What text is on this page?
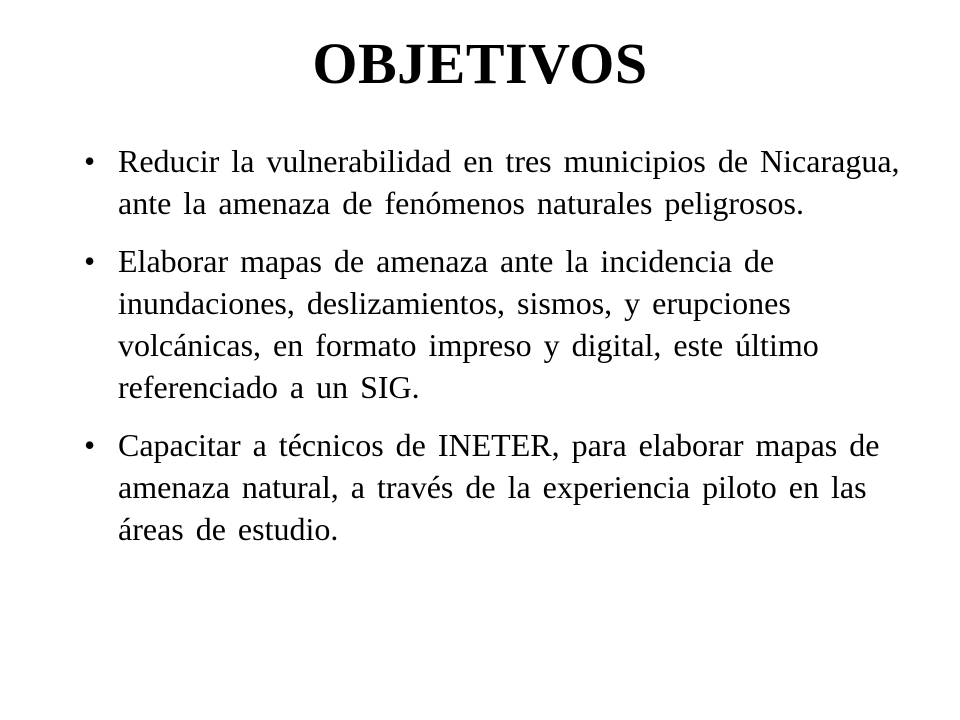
OBJETIVOS
• Reducir la vulnerabilidad en tres municipios de Nicaragua, ante la amenaza de fenómenos naturales peligrosos.
• Elaborar mapas de amenaza ante la incidencia de inundaciones, deslizamientos, sismos, y erupciones volcánicas, en formato impreso y digital, este último referenciado a un SIG.
• Capacitar a técnicos de INETER, para elaborar mapas de amenaza natural, a través de la experiencia piloto en las áreas de estudio.
